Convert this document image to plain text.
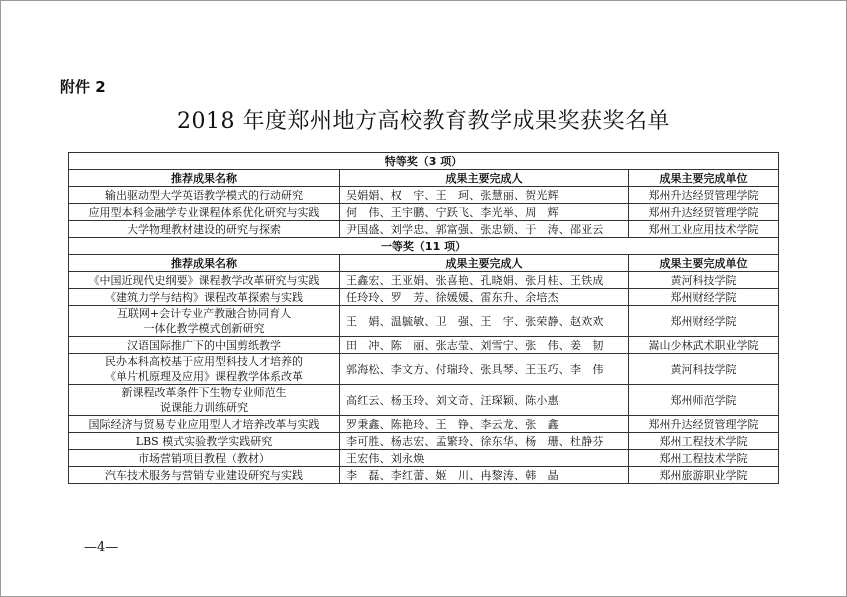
附件 2
2018 年度郑州地方高校教育教学成果奖获奖名单
特等奖（3 项）		
推荐成果名称	成果主要完成人	成果主要完成单位

输出驱动型大学英语教学模式的行动研究	吴娟娟、权　宇、王　珂、张慧丽、贺光辉	郑州升达经贸管理学院

应用型本科金融学专业课程体系优化研究与实践	何　伟、王宇鹏、宁跃飞、李光举、周　辉	郑州升达经贸管理学院

大学物理教材建设的研究与探索	尹国盛、刘学忠、郭富强、张忠锁、于　涛、邵亚云	郑州工业应用技术学院
一等奖（11 项）		
推荐成果名称	成果主要完成人	成果主要完成单位

《中国近现代史纲要》课程教学改革研究与实践	王鑫宏、王亚娟、张喜艳、孔晓娟、张月桂、王铁成	黄河科技学院

《建筑力学与结构》课程改革探索与实践	任玲玲、罗　芳、徐媛媛、雷东升、余培杰	郑州财经学院

互联网+会计专业产教融合协同育人
一体化教学模式创新研究	王　娟、温毓敏、卫　强、王　宇、张荣静、赵欢欢	郑州财经学院

汉语国际推广下的中国剪纸教学	田　冲、陈　丽、张志莹、刘雪宁、张　伟、姜　韧	嵩山少林武术职业学院

民办本科高校基于应用型科技人才培养的
《单片机原理及应用》课程教学体系改革	郭海松、李文方、付瑞玲、张具琴、王玉巧、李　伟	黄河科技学院

新课程改革条件下生物专业师范生
说课能力训练研究	高红云、杨玉玲、刘文奇、汪琛颖、陈小惠	郑州师范学院

国际经济与贸易专业应用型人才培养改革与实践	罗秉鑫、陈艳玲、王　铮、李云龙、张　鑫	郑州升达经贸管理学院

LBS 模式实验教学实践研究	李可胜、杨志宏、孟繁玲、徐东华、杨　珊、杜静芬	郑州工程技术学院

市场营销项目教程（教材）	王宏伟、刘永焕	郑州工程技术学院

汽车技术服务与营销专业建设研究与实践	李　磊、李红蕾、姬　川、冉黎涛、韩　晶	郑州旅游职业学院
—4—
